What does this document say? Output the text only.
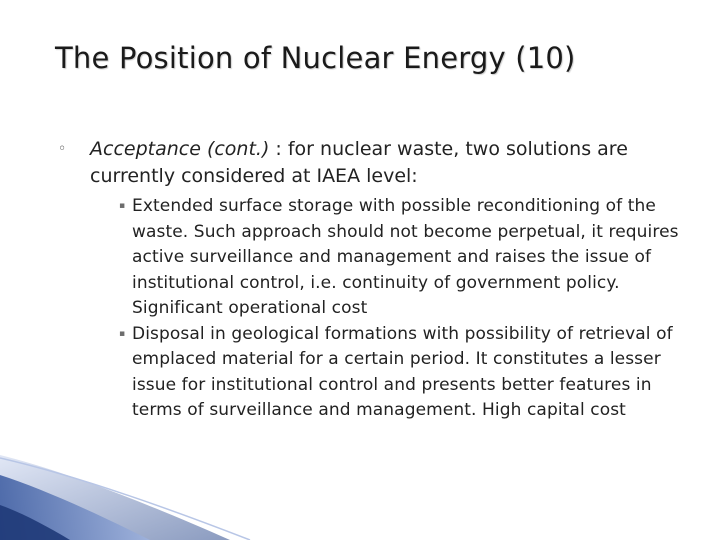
The Position of Nuclear Energy (10)
◦ Acceptance (cont.) : for nuclear waste, two solutions are currently considered at IAEA level:
▪ Extended surface storage with possible reconditioning of the waste. Such approach should not become perpetual, it requires active surveillance and management and raises the issue of institutional control, i.e. continuity of government policy. Significant operational cost
▪ Disposal in geological formations with possibility of retrieval of emplaced material for a certain period. It constitutes a lesser issue for institutional control and presents better features in terms of surveillance and management. High capital cost
